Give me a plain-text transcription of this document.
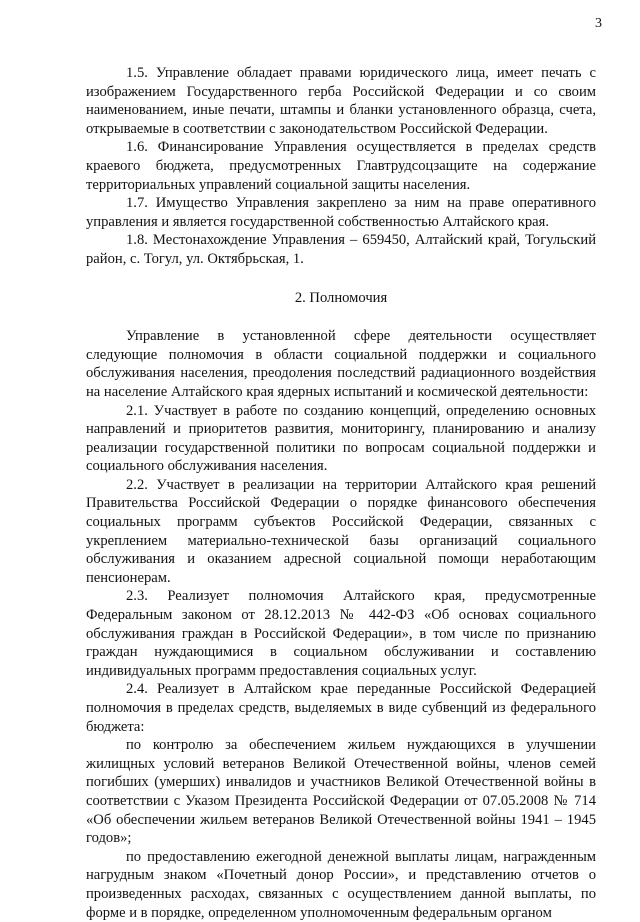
3

1.5. Управление обладает правами юридического лица, имеет печать с изображением Государственного герба Российской Федерации и со своим наименованием, иные печати, штампы и бланки установленного образца, счета, открываемые в соответствии с законодательством Российской Федерации.

1.6. Финансирование Управления осуществляется в пределах средств краевого бюджета, предусмотренных Главтрудсоцзащите на содержание территориальных управлений социальной защиты населения.

1.7. Имущество Управления закреплено за ним на праве оперативного управления и является государственной собственностью Алтайского края.

1.8. Местонахождение Управления – 659450, Алтайский край, Тогульский район, с. Тогул, ул. Октябрьская, 1.

2. Полномочия

Управление в установленной сфере деятельности осуществляет следующие полномочия в области социальной поддержки и социального обслуживания населения, преодоления последствий радиационного воздействия на население Алтайского края ядерных испытаний и космической деятельности:

2.1. Участвует в работе по созданию концепций, определению основных направлений и приоритетов развития, мониторингу, планированию и анализу реализации государственной политики по вопросам социальной поддержки и социального обслуживания населения.

2.2. Участвует в реализации на территории Алтайского края решений Правительства Российской Федерации о порядке финансового обеспечения социальных программ субъектов Российской Федерации, связанных с укреплением материально-технической базы организаций социального обслуживания и оказанием адресной социальной помощи неработающим пенсионерам.

2.3. Реализует полномочия Алтайского края, предусмотренные Федеральным законом от 28.12.2013 № 442-ФЗ «Об основах социального обслуживания граждан в Российской Федерации», в том числе по признанию граждан нуждающимися в социальном обслуживании и составлению индивидуальных программ предоставления социальных услуг.

2.4. Реализует в Алтайском крае переданные Российской Федерацией полномочия в пределах средств, выделяемых в виде субвенций из федерального бюджета:

по контролю за обеспечением жильем нуждающихся в улучшении жилищных условий ветеранов Великой Отечественной войны, членов семей погибших (умерших) инвалидов и участников Великой Отечественной войны в соответствии с Указом Президента Российской Федерации от 07.05.2008 № 714 «Об обеспечении жильем ветеранов Великой Отечественной войны 1941 – 1945 годов»;

по предоставлению ежегодной денежной выплаты лицам, награжденным нагрудным знаком «Почетный донор России», и представлению отчетов о произведенных расходах, связанных с осуществлением данной выплаты, по форме и в порядке, определенном уполномоченным федеральным органом
